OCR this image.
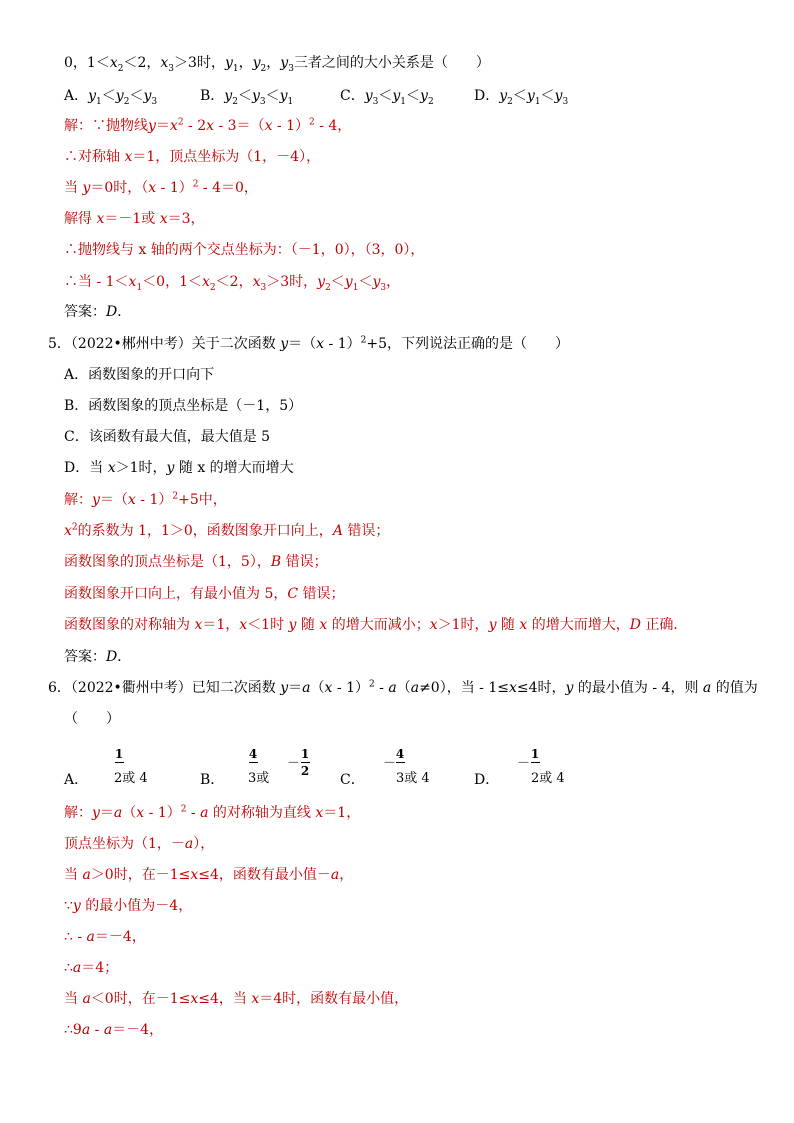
0，$1<x_2<2$，$x_3>3$时，$y_1$，$y_2$，$y_3$三者之间的大小关系是（　　）
A．$y_1<y_2<y_3$	B．$y_2<y_3<y_1$	C．$y_3<y_1<y_2$	D．$y_2<y_1<y_3$
解：∵抛物线$y=x^2 - 2x - 3=(x - 1)^2 - 4$，
∴对称轴 x＝1，顶点坐标为（1，－4），
当 y＝0时，（x - 1）$^2$ - 4＝0，
解得 x＝－1或 x＝3，
∴抛物线与 x 轴的两个交点坐标为：（－1，0），（3，0），
∴当 - $1<x_1<0$，$1<x_2<2$，$x_3>3$时，$y_2<y_1<y_3$，
答案：D．
5．（2022•郴州中考）关于二次函数 y＝（x - 1）$^2$+5，下列说法正确的是（　　）
A．函数图象的开口向下
B．函数图象的顶点坐标是（－1，5）
C．该函数有最大值，最大值是 5
D．当 x＞1时，y 随 x 的增大而增大
解：y＝（x - 1）$^2$+5中，
$x^2$的系数为 1，1＞0，函数图象开口向上，A 错误；
函数图象的顶点坐标是（1，5），B 错误；
函数图象开口向上，有最小值为 5，C 错误；
函数图象的对称轴为 x＝1，x＜1时 y 随 x 的增大而减小；x＞1时，y 随 x 的增大而增大，D 正确．
答案：D．
6．（2022•衢州中考）已知二次函数 y＝a（x - 1）$^2$ - a（a≠0），当 - 1≤x≤4时，y 的最小值为 - 4，则 a 的值为
（　　）
A．
1
2或 4	B．
4
3或
－
1
2
C．
－
4
3或 4	D．
－
1
2或 4
解：y＝a（x - 1）$^2$ - a 的对称轴为直线 x＝1，
顶点坐标为（1，－a），
当 a＞0时，在－1≤x≤4，函数有最小值－a，
∵y 的最小值为－4，
∴ - a＝－4，
∴a＝4；
当 a＜0时，在－1≤x≤4，当 x＝4时，函数有最小值，
∴9a - a＝－4，
